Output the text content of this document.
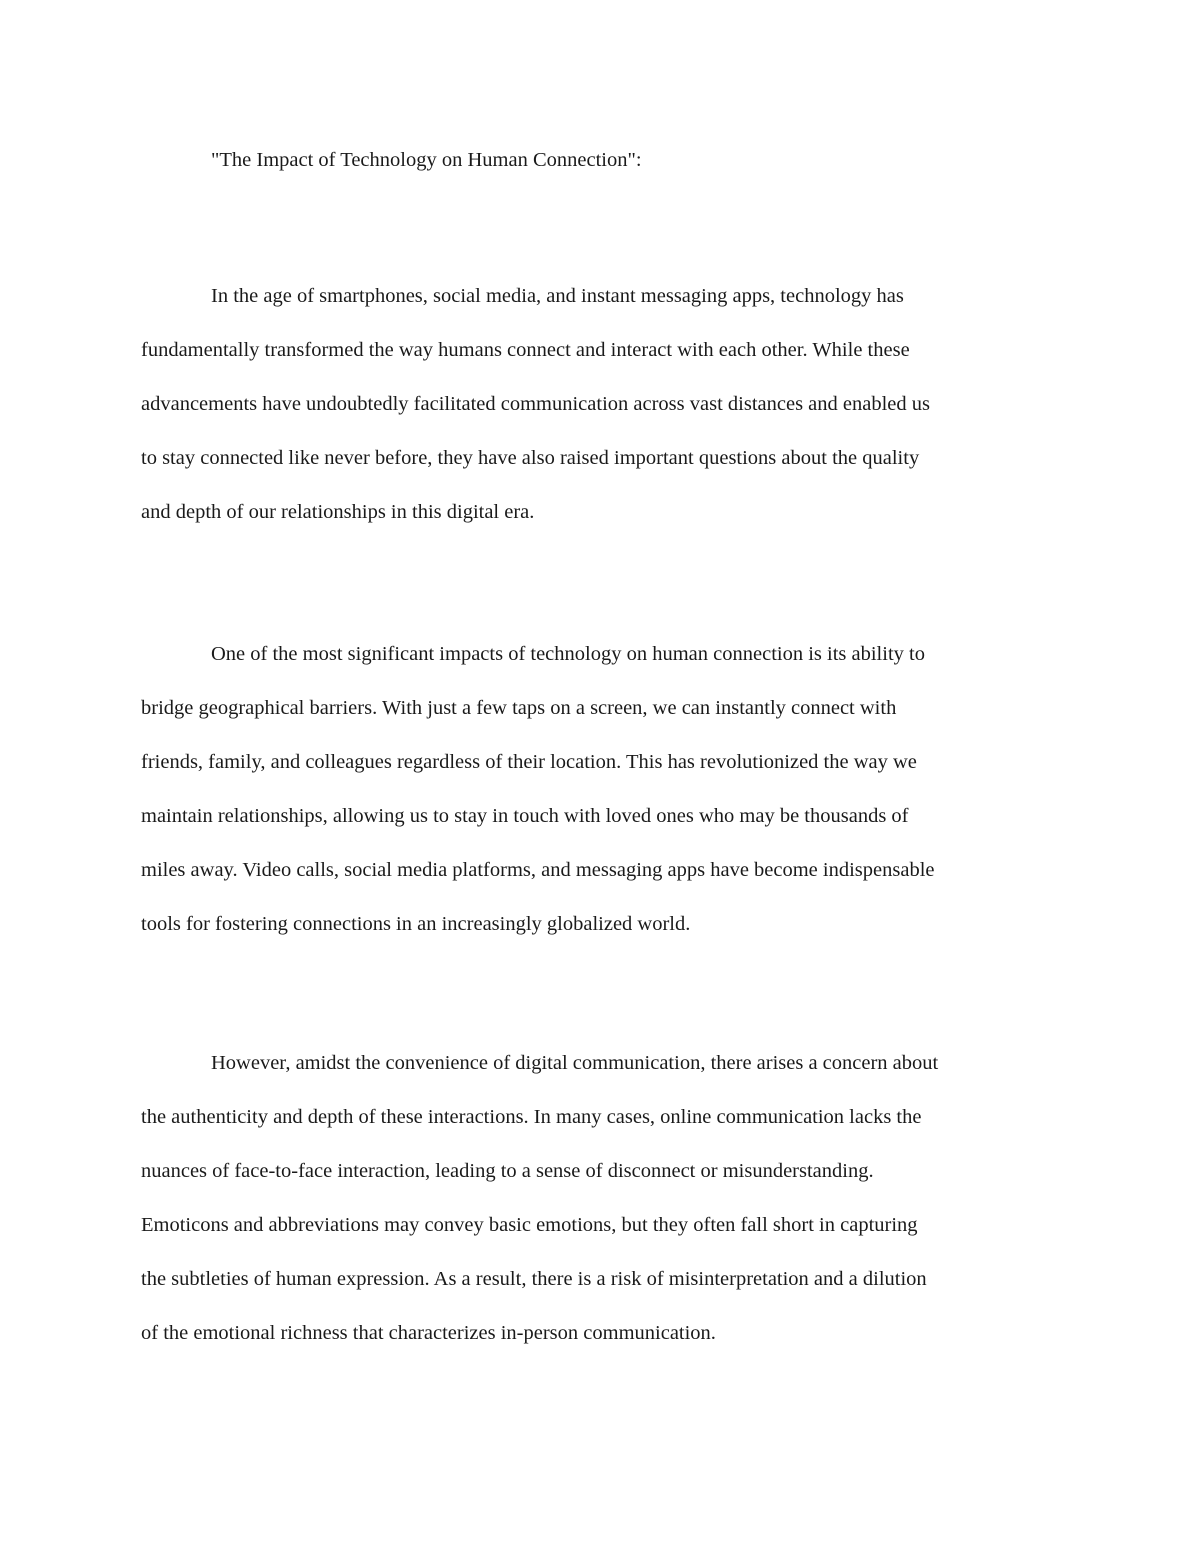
"The Impact of Technology on Human Connection":
In the age of smartphones, social media, and instant messaging apps, technology has
fundamentally transformed the way humans connect and interact with each other. While these
advancements have undoubtedly facilitated communication across vast distances and enabled us
to stay connected like never before, they have also raised important questions about the quality
and depth of our relationships in this digital era.
One of the most significant impacts of technology on human connection is its ability to
bridge geographical barriers. With just a few taps on a screen, we can instantly connect with
friends, family, and colleagues regardless of their location. This has revolutionized the way we
maintain relationships, allowing us to stay in touch with loved ones who may be thousands of
miles away. Video calls, social media platforms, and messaging apps have become indispensable
tools for fostering connections in an increasingly globalized world.
However, amidst the convenience of digital communication, there arises a concern about
the authenticity and depth of these interactions. In many cases, online communication lacks the
nuances of face-to-face interaction, leading to a sense of disconnect or misunderstanding.
Emoticons and abbreviations may convey basic emotions, but they often fall short in capturing
the subtleties of human expression. As a result, there is a risk of misinterpretation and a dilution
of the emotional richness that characterizes in-person communication.
